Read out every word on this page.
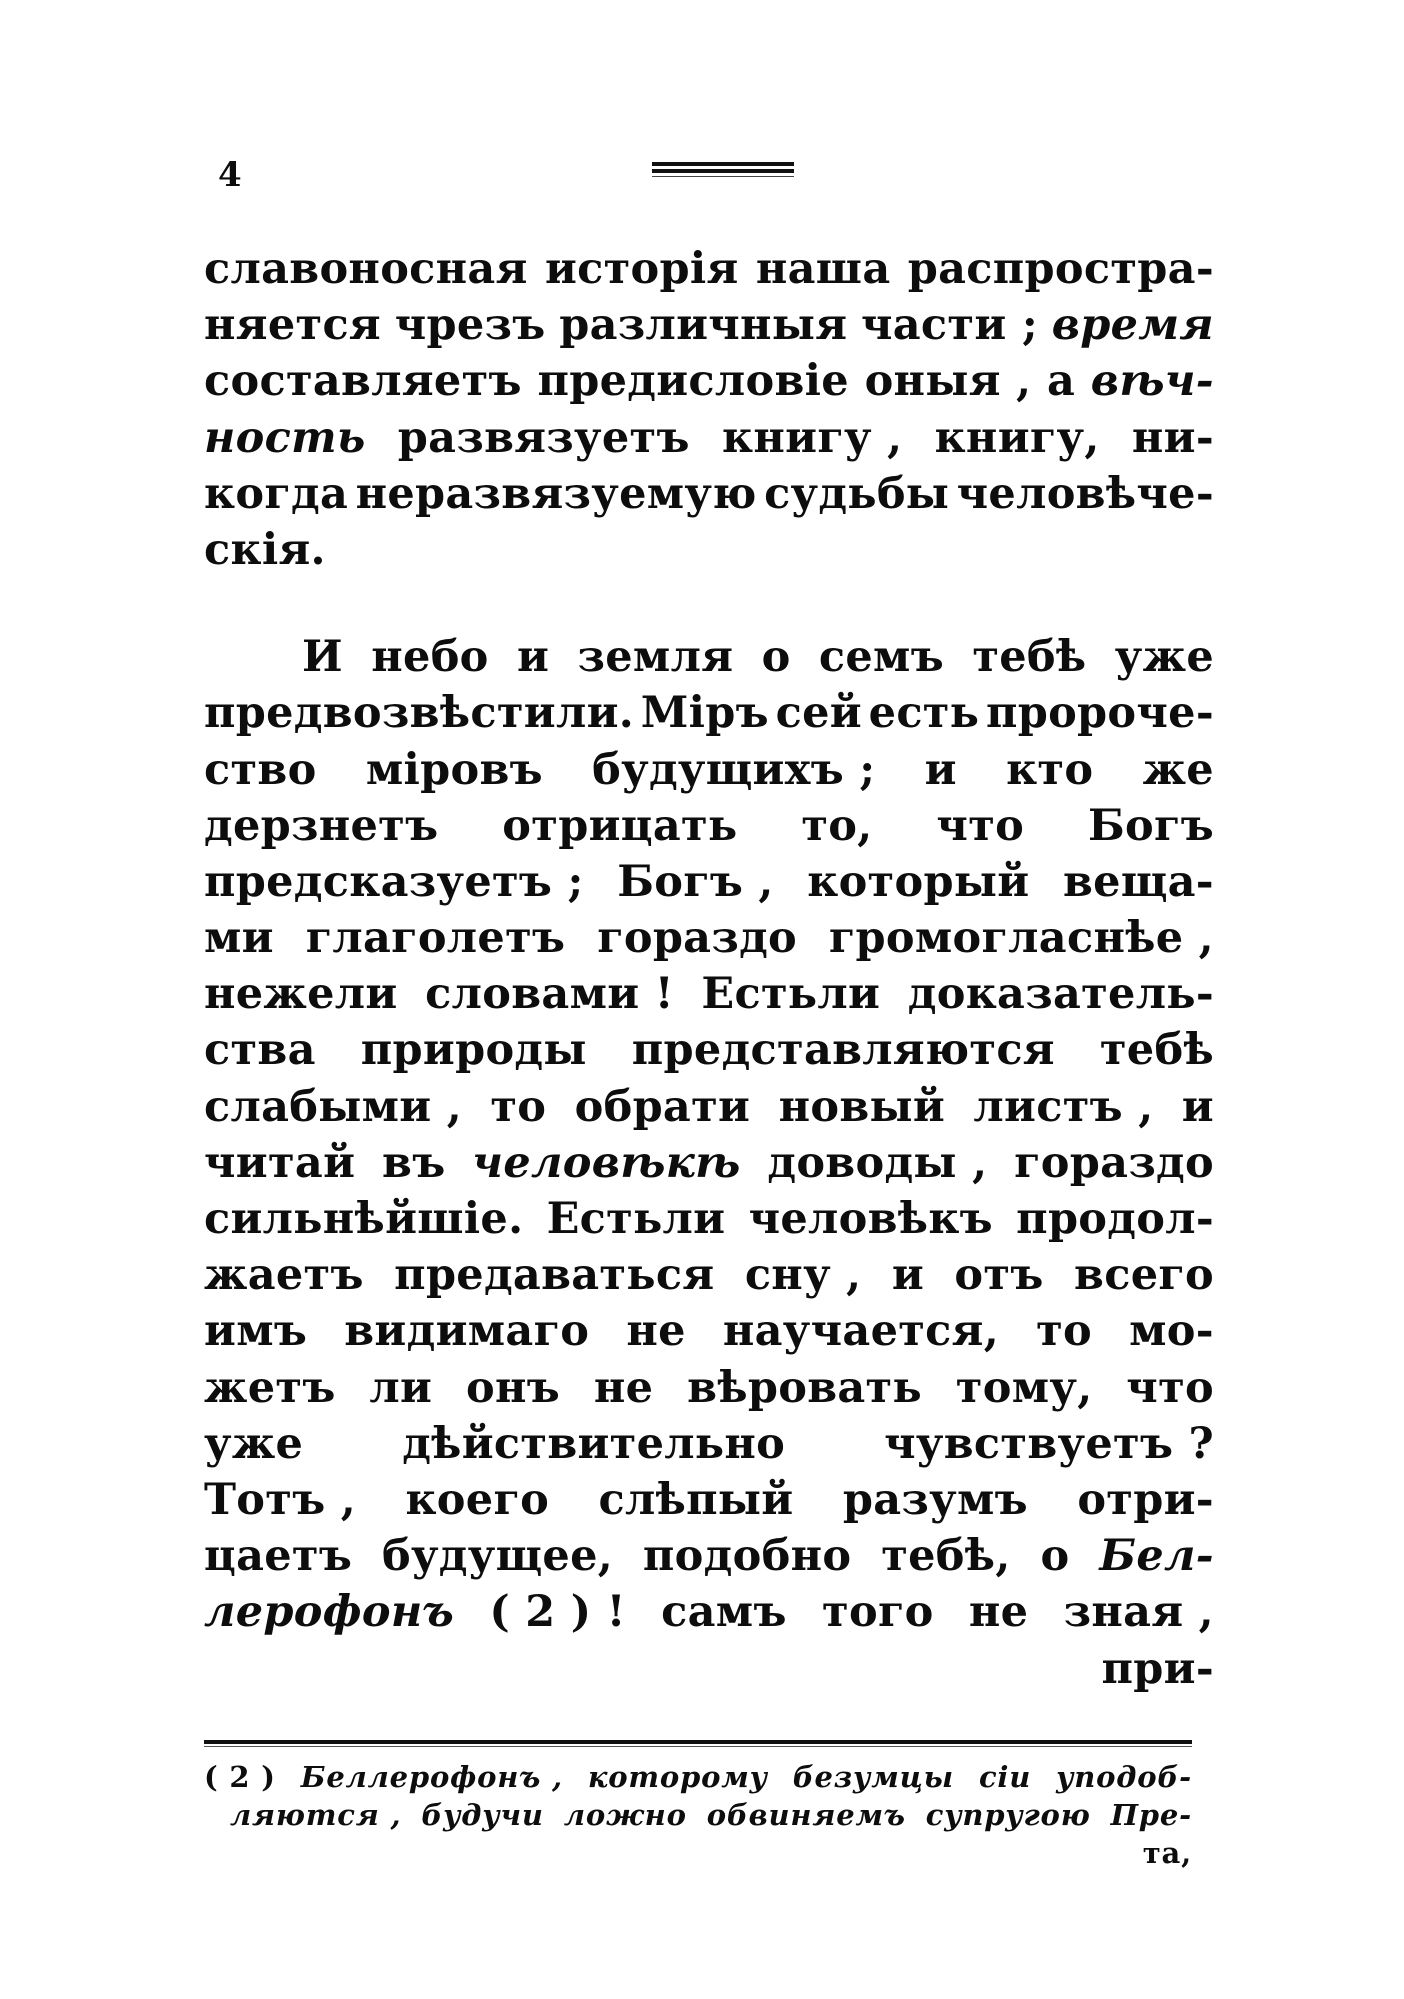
4
славоносная исторія наша распростра-
няется чрезъ различныя части ; время
составляетъ предисловіе оныя , а вѣч-
ность развязуетъ книгу , книгу, ни-
когда неразвязуемую судьбы человѣче-
скія.
И небо и земля о семъ тебѣ уже
предвозвѣстили. Міръ сей есть пророче-
ство міровъ будущихъ ; и кто же
дерзнетъ отрицать то, что Богъ
предсказуетъ ; Богъ , который веща-
ми глаголетъ гораздо громогласнѣе ,
нежели словами ! Естьли доказатель-
ства природы представляются тебѣ
слабыми , то обрати новый листъ , и
читай въ человѣкѣ доводы , гораздо
сильнѣйшіе. Естьли человѣкъ продол-
жаетъ предаваться сну , и отъ всего
имъ видимаго не научается, то мо-
жетъ ли онъ не вѣровать тому, что
уже дѣйствительно чувствуетъ ?
Тотъ , коего слѣпый разумъ отри-
цаетъ будущее, подобно тебѣ, о Бел-
лерофонъ ( 2 ) ! самъ того не зная ,
при-
( 2 ) Беллерофонъ , которому безумцы сіи уподоб-
ляются , будучи ложно обвиняемъ супругою Пре-
та,
